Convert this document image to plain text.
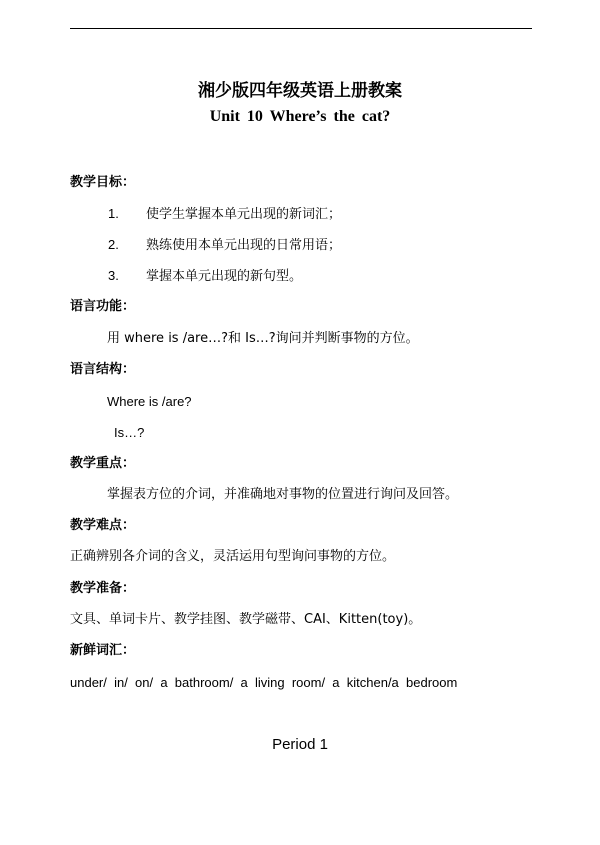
湘少版四年级英语上册教案
Unit 10 Where’s the cat?
教学目标：
1. 使学生掌握本单元出现的新词汇；
2. 熟练使用本单元出现的日常用语；
3. 掌握本单元出现的新句型。
语言功能：
用 where is /are…?和 Is…?询问并判断事物的方位。
语言结构：
Where is /are?
Is…?
教学重点：
掌握表方位的介词，并准确地对事物的位置进行询问及回答。
教学难点：
正确辨别各介词的含义，灵活运用句型询问事物的方位。
教学准备：
文具、单词卡片、教学挂图、教学磁带、CAI、Kitten(toy)。
新鲜词汇：
under/  in/  on/  a  bathroom/  a  living  room/  a  kitchen/a  bedroom
Period 1
